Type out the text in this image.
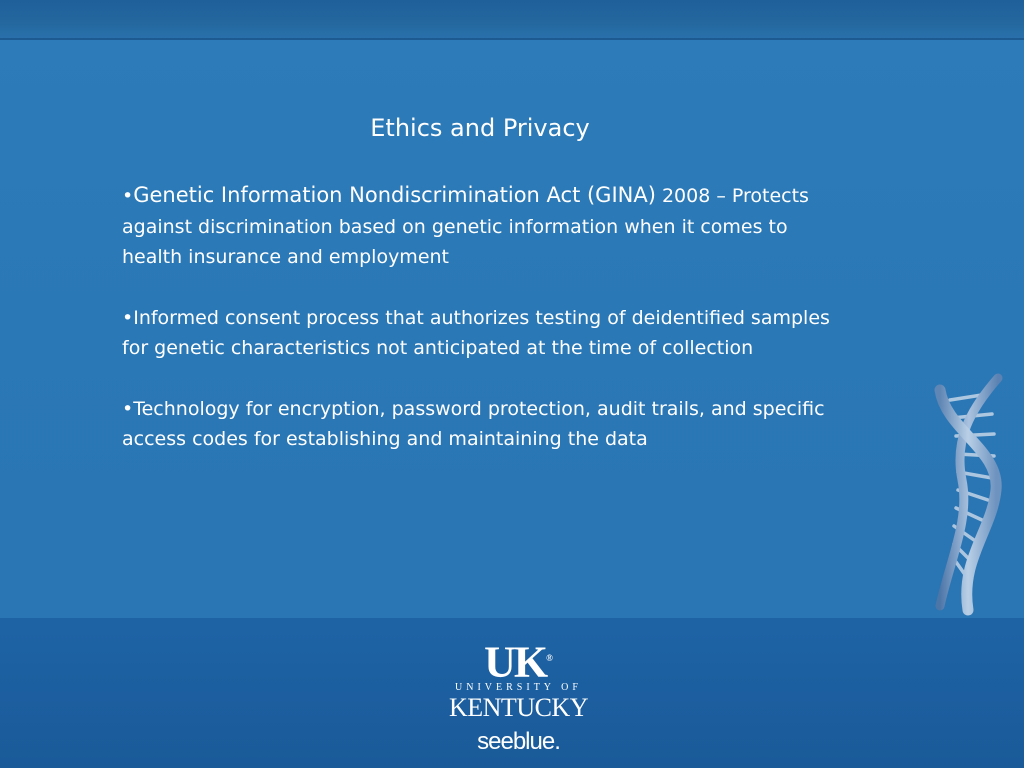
Ethics and Privacy
•Genetic Information Nondiscrimination Act (GINA) 2008 – Protects against discrimination based on genetic information when it comes to health insurance and employment
•Informed consent process that authorizes testing of deidentified samples for genetic characteristics not anticipated at the time of collection
•Technology for encryption, password protection, audit trails, and specific access codes for establishing and maintaining the data
UK®
UNIVERSITY OF
KENTUCKY
seeblue.
